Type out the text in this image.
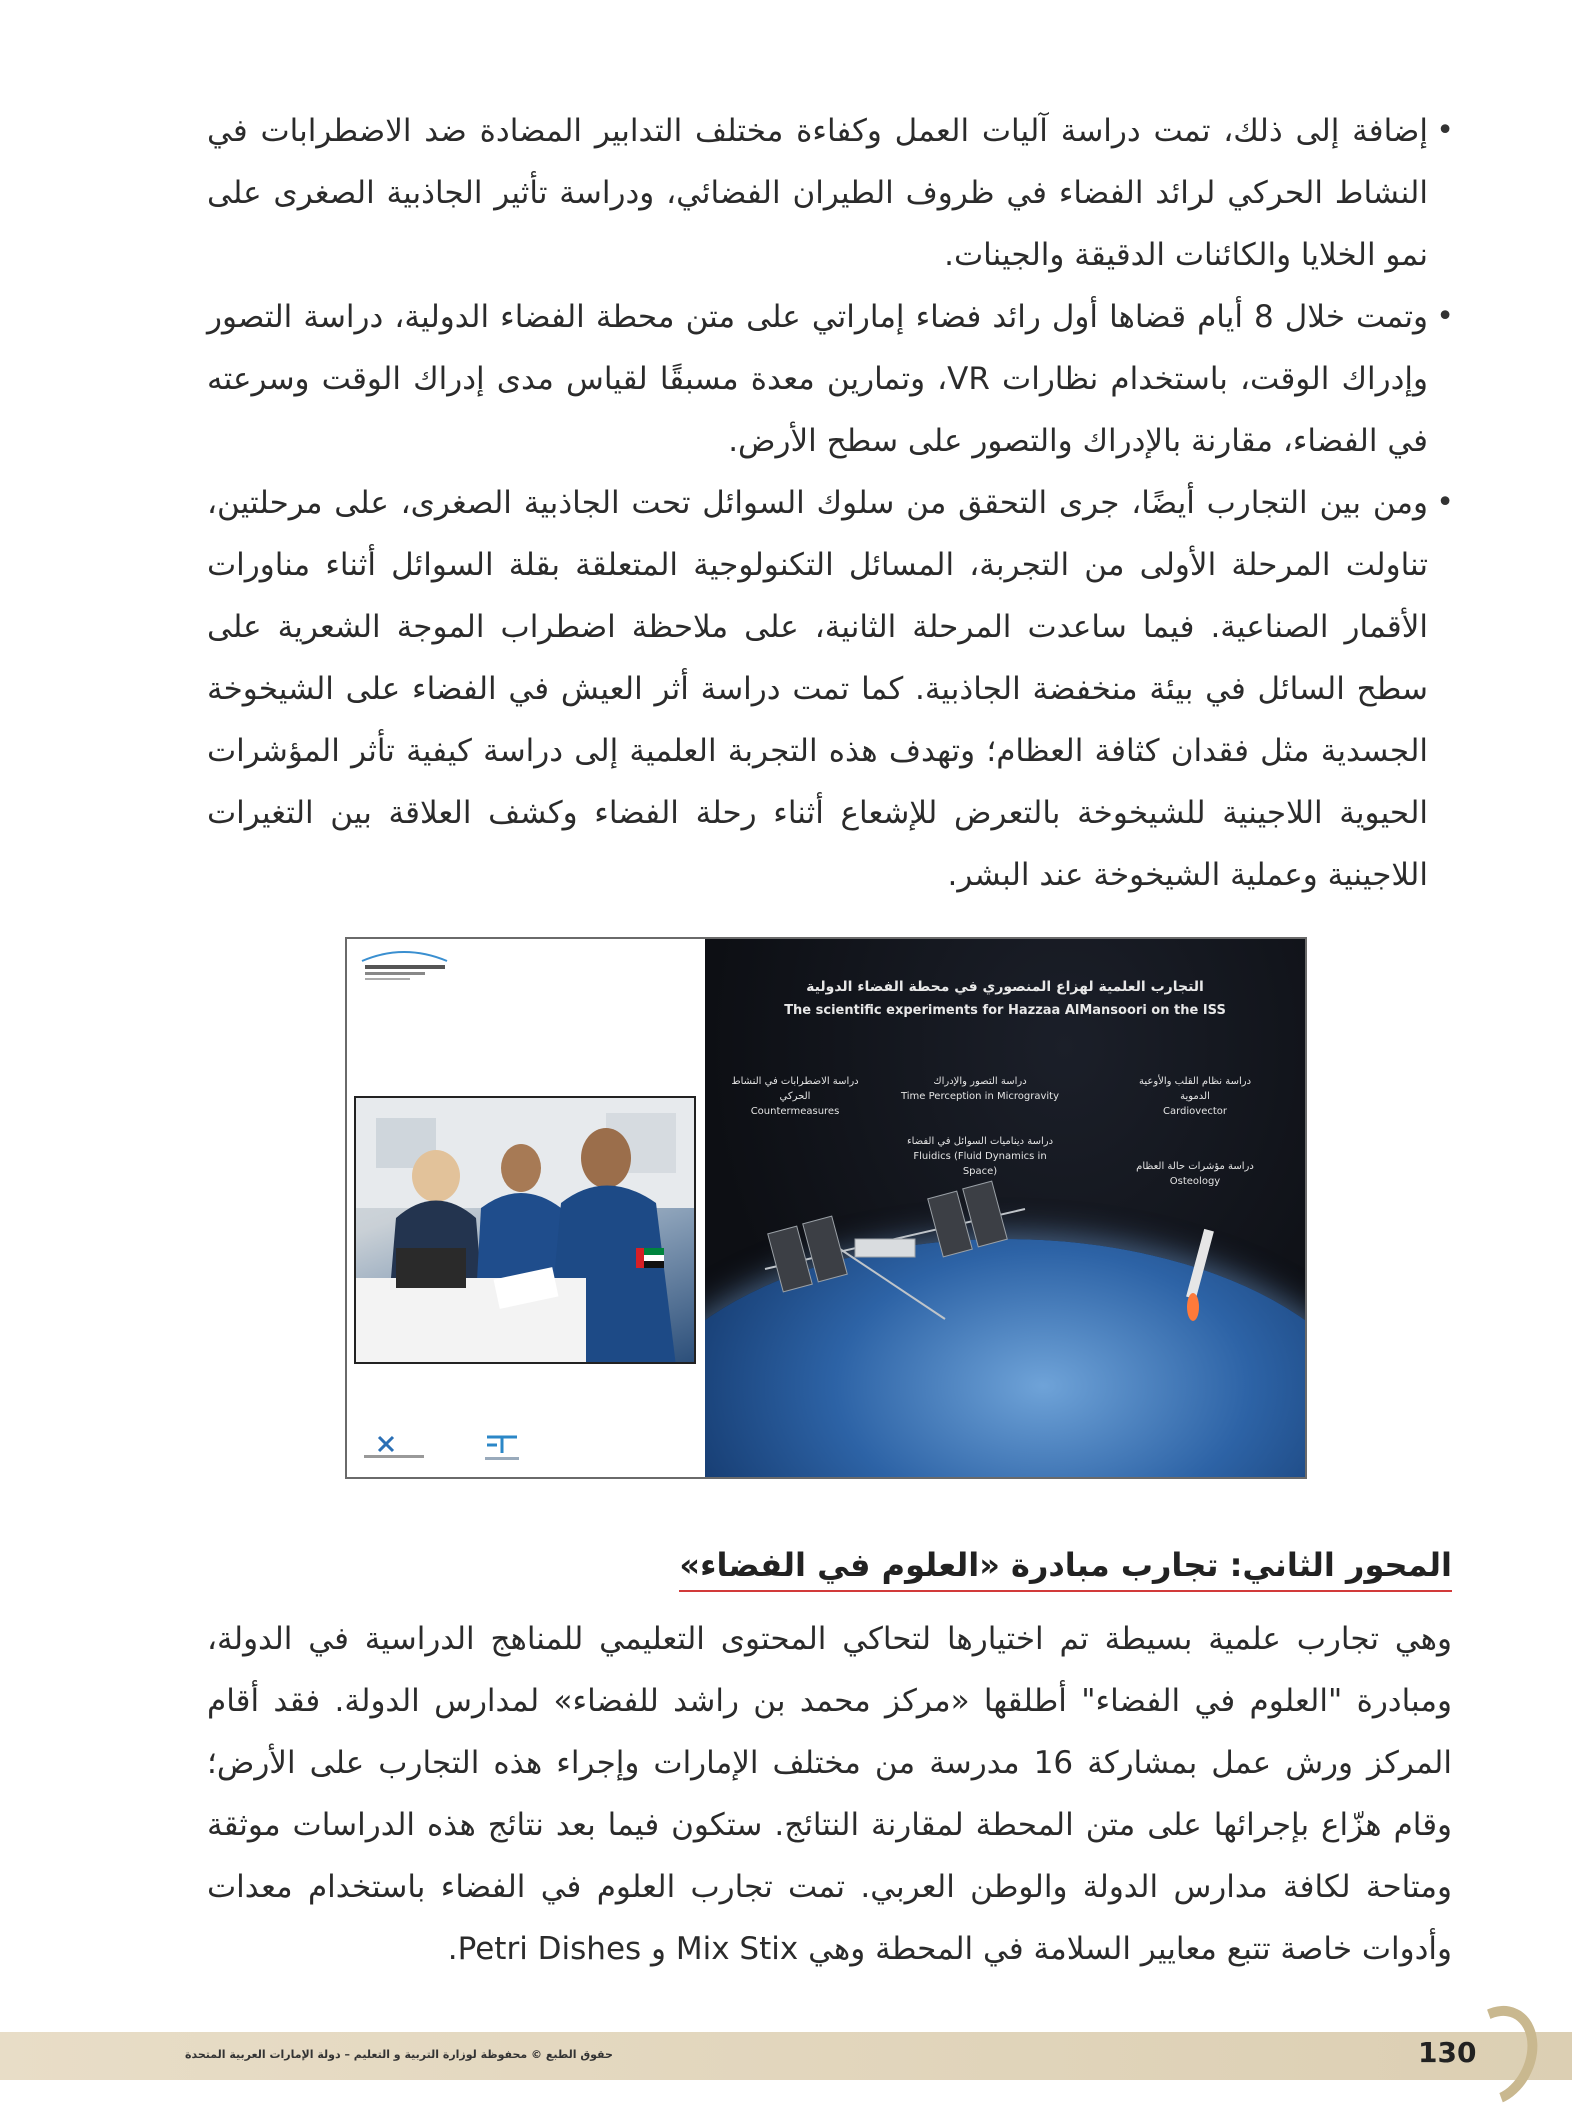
• إضافة إلى ذلك، تمت دراسة آليات العمل وكفاءة مختلف التدابير المضادة ضد الاضطرابات في النشاط الحركي لرائد الفضاء في ظروف الطيران الفضائي، ودراسة تأثير الجاذبية الصغرى على نمو الخلايا والكائنات الدقيقة والجينات.

• وتمت خلال 8 أيام قضاها أول رائد فضاء إماراتي على متن محطة الفضاء الدولية، دراسة التصور وإدراك الوقت، باستخدام نظارات VR، وتمارين معدة مسبقًا لقياس مدى إدراك الوقت وسرعته في الفضاء، مقارنة بالإدراك والتصور على سطح الأرض.

• ومن بين التجارب أيضًا، جرى التحقق من سلوك السوائل تحت الجاذبية الصغرى، على مرحلتين، تناولت المرحلة الأولى من التجربة، المسائل التكنولوجية المتعلقة بقلة السوائل أثناء مناورات الأقمار الصناعية. فيما ساعدت المرحلة الثانية، على ملاحظة اضطراب الموجة الشعرية على سطح السائل في بيئة منخفضة الجاذبية. كما تمت دراسة أثر العيش في الفضاء على الشيخوخة الجسدية مثل فقدان كثافة العظام؛ وتهدف هذه التجربة العلمية إلى دراسة كيفية تأثر المؤشرات الحيوية اللاجينية للشيخوخة بالتعرض للإشعاع أثناء رحلة الفضاء وكشف العلاقة بين التغيرات اللاجينية وعملية الشيخوخة عند البشر.

التجارب العلمية لهزاع المنصوري في محطة الفضاء الدولية
The scientific experiments for Hazzaa AlMansoori on the ISS
دراسة الاضطرابات في النشاط الحركي
Countermeasures
دراسة التصور والإدراك
Time Perception in Microgravity
دراسة نظام القلب والأوعية الدموية
Cardiovector
دراسة ديناميات السوائل في الفضاء
Fluidics (Fluid Dynamics in Space)	دراسة مؤشرات حالة العظام
Osteology
المحور الثاني: تجارب مبادرة «العلوم في الفضاء»
وهي تجارب علمية بسيطة تم اختيارها لتحاكي المحتوى التعليمي للمناهج الدراسية في الدولة، ومبادرة "العلوم في الفضاء" أطلقها «مركز محمد بن راشد للفضاء» لمدارس الدولة. فقد أقام المركز ورش عمل بمشاركة 16 مدرسة من مختلف الإمارات وإجراء هذه التجارب على الأرض؛ وقام هزّاع بإجرائها على متن المحطة لمقارنة النتائج. ستكون فيما بعد نتائج هذه الدراسات موثقة ومتاحة لكافة مدارس الدولة والوطن العربي. تمت تجارب العلوم في الفضاء باستخدام معدات وأدوات خاصة تتبع معايير السلامة في المحطة وهي Mix Stix و Petri Dishes.
حقوق الطبع © محفوظة لوزارة التربية و التعليم – دولة الإمارات العربية المتحدة	130
